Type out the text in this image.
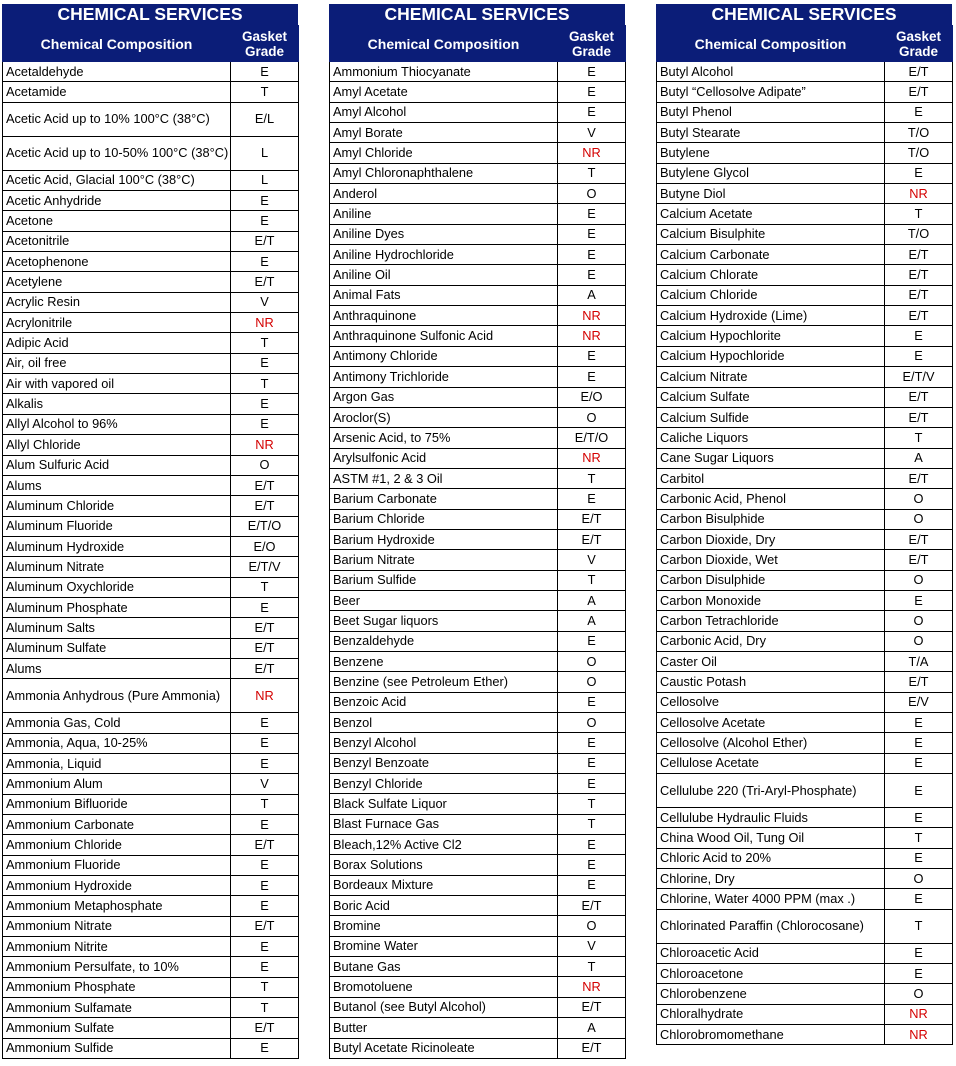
CHEMICAL SERVICES
Chemical Composition	Gasket
Grade

Acetaldehyde	E
Acetamide	T
Acetic Acid up to 10% 100°C (38°C)	E/L
Acetic Acid up to 10-50% 100°C (38°C)	L
Acetic Acid, Glacial 100°C (38°C)	L
Acetic Anhydride	E
Acetone	E
Acetonitrile	E/T
Acetophenone	E
Acetylene	E/T
Acrylic Resin	V
Acrylonitrile	NR
Adipic Acid	T
Air, oil free	E
Air with vapored oil	T
Alkalis	E
Allyl Alcohol to 96%	E
Allyl Chloride	NR
Alum Sulfuric Acid	O
Alums	E/T
Aluminum Chloride	E/T
Aluminum Fluoride	E/T/O
Aluminum Hydroxide	E/O
Aluminum Nitrate	E/T/V
Aluminum Oxychloride	T
Aluminum Phosphate	E
Aluminum Salts	E/T
Aluminum Sulfate	E/T
Alums	E/T
Ammonia Anhydrous (Pure Ammonia)	NR
Ammonia Gas, Cold	E
Ammonia, Aqua, 10-25%	E
Ammonia, Liquid	E
Ammonium Alum	V
Ammonium Bifluoride	T
Ammonium Carbonate	E
Ammonium Chloride	E/T
Ammonium Fluoride	E
Ammonium Hydroxide	E
Ammonium Metaphosphate	E
Ammonium Nitrate	E/T
Ammonium Nitrite	E
Ammonium Persulfate, to 10%	E
Ammonium Phosphate	T
Ammonium Sulfamate	T
Ammonium Sulfate	E/T
Ammonium Sulfide	E
CHEMICAL SERVICES
Chemical Composition	Gasket
Grade

Ammonium Thiocyanate	E
Amyl Acetate	E
Amyl Alcohol	E
Amyl Borate	V
Amyl Chloride	NR
Amyl Chloronaphthalene	T
Anderol	O
Aniline	E
Aniline Dyes	E
Aniline Hydrochloride	E
Aniline Oil	E
Animal Fats	A
Anthraquinone	NR
Anthraquinone Sulfonic Acid	NR
Antimony Chloride	E
Antimony Trichloride	E
Argon Gas	E/O
Aroclor(S)	O
Arsenic Acid, to 75%	E/T/O
Arylsulfonic Acid	NR
ASTM #1, 2 & 3 Oil	T
Barium Carbonate	E
Barium Chloride	E/T
Barium Hydroxide	E/T
Barium Nitrate	V
Barium Sulfide	T
Beer	A
Beet Sugar liquors	A
Benzaldehyde	E
Benzene	O
Benzine (see Petroleum Ether)	O
Benzoic Acid	E
Benzol	O
Benzyl Alcohol	E
Benzyl Benzoate	E
Benzyl Chloride	E
Black Sulfate Liquor	T
Blast Furnace Gas	T
Bleach,12% Active Cl2	E
Borax Solutions	E
Bordeaux Mixture	E
Boric Acid	E/T
Bromine	O
Bromine Water	V
Butane Gas	T
Bromotoluene	NR
Butanol (see Butyl Alcohol)	E/T
Butter	A
Butyl Acetate Ricinoleate	E/T
CHEMICAL SERVICES
Chemical Composition	Gasket
Grade

Butyl Alcohol	E/T
Butyl “Cellosolve Adipate”	E/T
Butyl Phenol	E
Butyl Stearate	T/O
Butylene	T/O
Butylene Glycol	E
Butyne Diol	NR
Calcium Acetate	T
Calcium Bisulphite	T/O
Calcium Carbonate	E/T
Calcium Chlorate	E/T
Calcium Chloride	E/T
Calcium Hydroxide (Lime)	E/T
Calcium Hypochlorite	E
Calcium Hypochloride	E
Calcium Nitrate	E/T/V
Calcium Sulfate	E/T
Calcium Sulfide	E/T
Caliche Liquors	T
Cane Sugar Liquors	A
Carbitol	E/T
Carbonic Acid, Phenol	O
Carbon Bisulphide	O
Carbon Dioxide, Dry	E/T
Carbon Dioxide, Wet	E/T
Carbon Disulphide	O
Carbon Monoxide	E
Carbon Tetrachloride	O
Carbonic Acid, Dry	O
Caster Oil	T/A
Caustic Potash	E/T
Cellosolve	E/V
Cellosolve Acetate	E
Cellosolve (Alcohol Ether)	E
Cellulose Acetate	E
Cellulube 220 (Tri-Aryl-Phosphate)	E
Cellulube Hydraulic Fluids	E
China Wood Oil, Tung Oil	T
Chloric Acid to 20%	E
Chlorine, Dry	O
Chlorine, Water 4000 PPM (max .)	E
Chlorinated Paraffin (Chlorocosane)	T
Chloroacetic Acid	E
Chloroacetone	E
Chlorobenzene	O
Chloralhydrate	NR
Chlorobromomethane	NR
